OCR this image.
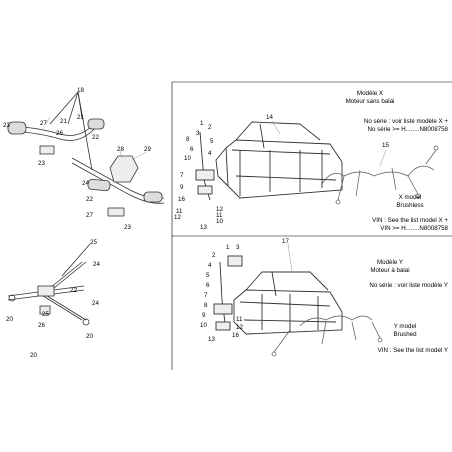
18
23
21
27
26
21
22
28	29
24
23
22
27
23
25
24
24
22
25
26
20
20
20
14
15
1
2
3
8	5
6
10
4
7
9
16
11
12
13
12
11
10
17
1
2
3
4
5
6
7
8
9
10
11
12
13
16
Modèle X
Moteur sans balai
No série : voir liste modèle X +
No série >= H........N8008758
X model
Brushless
VIN : See the list model X +
VIN >= H........N8008758
Modèle Y
Moteur à balai
No série : voir liste modèle Y
Y model
Brushed
VIN : See the list model Y
